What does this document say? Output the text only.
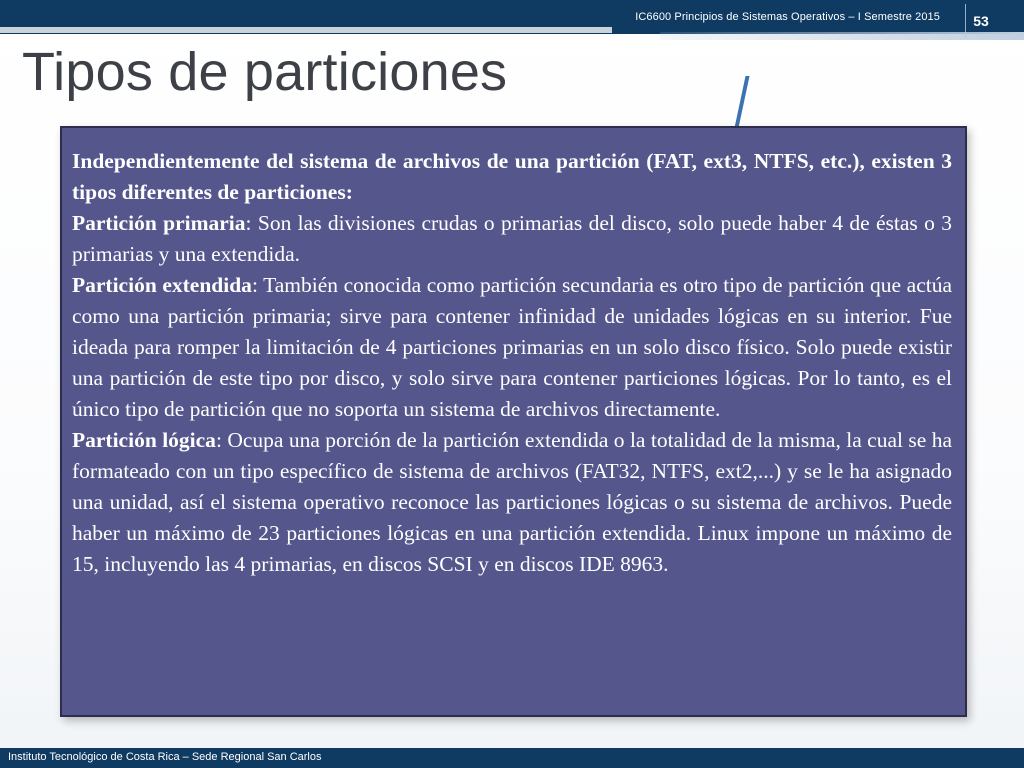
IC6600 Principios de Sistemas Operativos – I Semestre 2015	53
Tipos de particiones

Independientemente del sistema de archivos de una partición (FAT, ext3, NTFS, etc.), existen 3 tipos diferentes de particiones:

Partición primaria: Son las divisiones crudas o primarias del disco, solo puede haber 4 de éstas o 3 primarias y una extendida.

Partición extendida: También conocida como partición secundaria es otro tipo de partición que actúa como una partición primaria; sirve para contener infinidad de unidades lógicas en su interior. Fue ideada para romper la limitación de 4 particiones primarias en un solo disco físico. Solo puede existir una partición de este tipo por disco, y solo sirve para contener particiones lógicas. Por lo tanto, es el único tipo de partición que no soporta un sistema de archivos directamente.

Partición lógica: Ocupa una porción de la partición extendida o la totalidad de la misma, la cual se ha formateado con un tipo específico de sistema de archivos (FAT32, NTFS, ext2,...) y se le ha asignado una unidad, así el sistema operativo reconoce las particiones lógicas o su sistema de archivos. Puede haber un máximo de 23 particiones lógicas en una partición extendida. Linux impone un máximo de 15, incluyendo las 4 primarias, en discos SCSI y en discos IDE 8963.

Instituto Tecnológico de Costa Rica – Sede Regional San Carlos
